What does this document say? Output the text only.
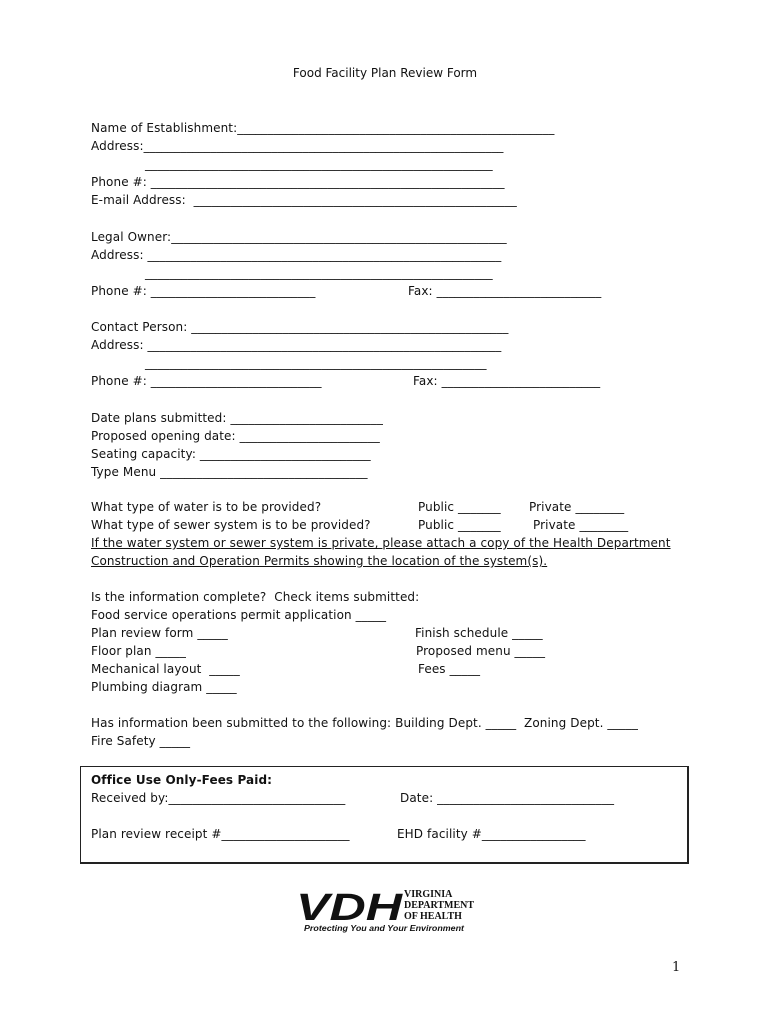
Food Facility Plan Review Form
Name of Establishment:____________________________________________________
Address:___________________________________________________________
_________________________________________________________
Phone #: __________________________________________________________
E-mail Address:  _____________________________________________________
Legal Owner:_______________________________________________________
Address: __________________________________________________________
_________________________________________________________
Phone #: ___________________________	Fax: ___________________________
Contact Person: ____________________________________________________
Address: __________________________________________________________
________________________________________________________
Phone #: ____________________________	Fax: __________________________
Date plans submitted: _________________________
Proposed opening date: _______________________
Seating capacity: ____________________________
Type Menu __________________________________
What type of water is to be provided?	Public _______ Private ________
What type of sewer system is to be provided?	Public _______	Private ________
If the water system or sewer system is private, please attach a copy of the Health Department
Construction and Operation Permits showing the location of the system(s).
Is the information complete?  Check items submitted:
Food service operations permit application _____
Plan review form _____	Finish schedule _____
Floor plan _____	Proposed menu _____
Mechanical layout  _____	Fees _____
Plumbing diagram _____
Has information been submitted to the following: Building Dept. _____  Zoning Dept. _____
Fire Safety _____
Office Use Only-Fees Paid:
Received by:_____________________________	Date: _____________________________
Plan review receipt #_____________________	EHD facility #_________________
VDH VIRGINIA
DEPARTMENT
OF HEALTH
Protecting You and Your Environment
1
